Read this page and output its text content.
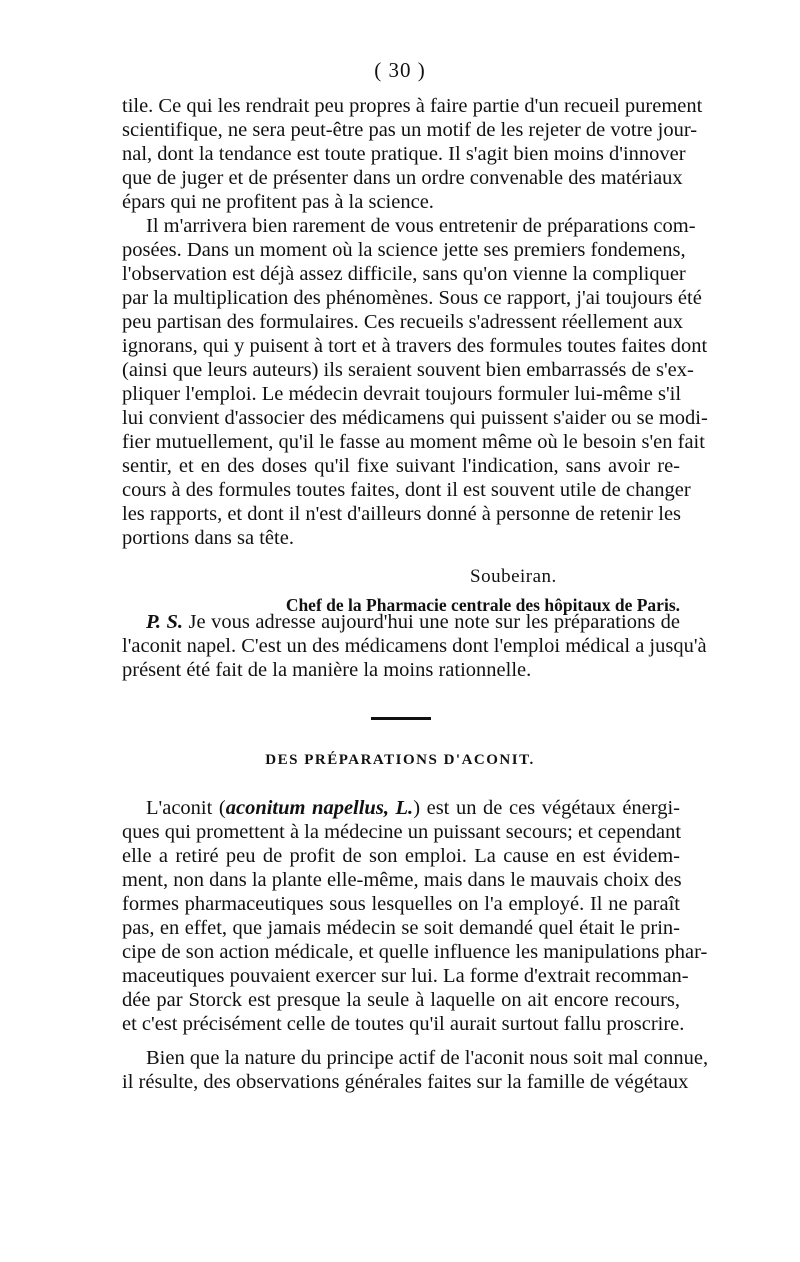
( 30 )
tile. Ce qui les rendrait peu propres à faire partie d'un recueil purement
scientifique, ne sera peut-être pas un motif de les rejeter de votre jour-
nal, dont la tendance est toute pratique. Il s'agit bien moins d'innover
que de juger et de présenter dans un ordre convenable des matériaux
épars qui ne profitent pas à la science.
Il m'arrivera bien rarement de vous entretenir de préparations com-
posées. Dans un moment où la science jette ses premiers fondemens,
l'observation est déjà assez difficile, sans qu'on vienne la compliquer
par la multiplication des phénomènes. Sous ce rapport, j'ai toujours été
peu partisan des formulaires. Ces recueils s'adressent réellement aux
ignorans, qui y puisent à tort et à travers des formules toutes faites dont
(ainsi que leurs auteurs) ils seraient souvent bien embarrassés de s'ex-
pliquer l'emploi. Le médecin devrait toujours formuler lui-même s'il
lui convient d'associer des médicamens qui puissent s'aider ou se modi-
fier mutuellement, qu'il le fasse au moment même où le besoin s'en fait
sentir, et en des doses qu'il fixe suivant l'indication, sans avoir re-
cours à des formules toutes faites, dont il est souvent utile de changer
les rapports, et dont il n'est d'ailleurs donné à personne de retenir les
portions dans sa tête.
Soubeiran.
Chef de la Pharmacie centrale des hôpitaux de Paris.
P. S. Je vous adresse aujourd'hui une note sur les préparations de
l'aconit napel. C'est un des médicamens dont l'emploi médical a jusqu'à
présent été fait de la manière la moins rationnelle.
DES PRÉPARATIONS D'ACONIT.
L'aconit (aconitum napellus, L.) est un de ces végétaux énergi-
ques qui promettent à la médecine un puissant secours; et cependant
elle a retiré peu de profit de son emploi. La cause en est évidem-
ment, non dans la plante elle-même, mais dans le mauvais choix des
formes pharmaceutiques sous lesquelles on l'a employé. Il ne paraît
pas, en effet, que jamais médecin se soit demandé quel était le prin-
cipe de son action médicale, et quelle influence les manipulations phar-
maceutiques pouvaient exercer sur lui. La forme d'extrait recomman-
dée par Storck est presque la seule à laquelle on ait encore recours,
et c'est précisément celle de toutes qu'il aurait surtout fallu proscrire.
Bien que la nature du principe actif de l'aconit nous soit mal connue,
il résulte, des observations générales faites sur la famille de végétaux
